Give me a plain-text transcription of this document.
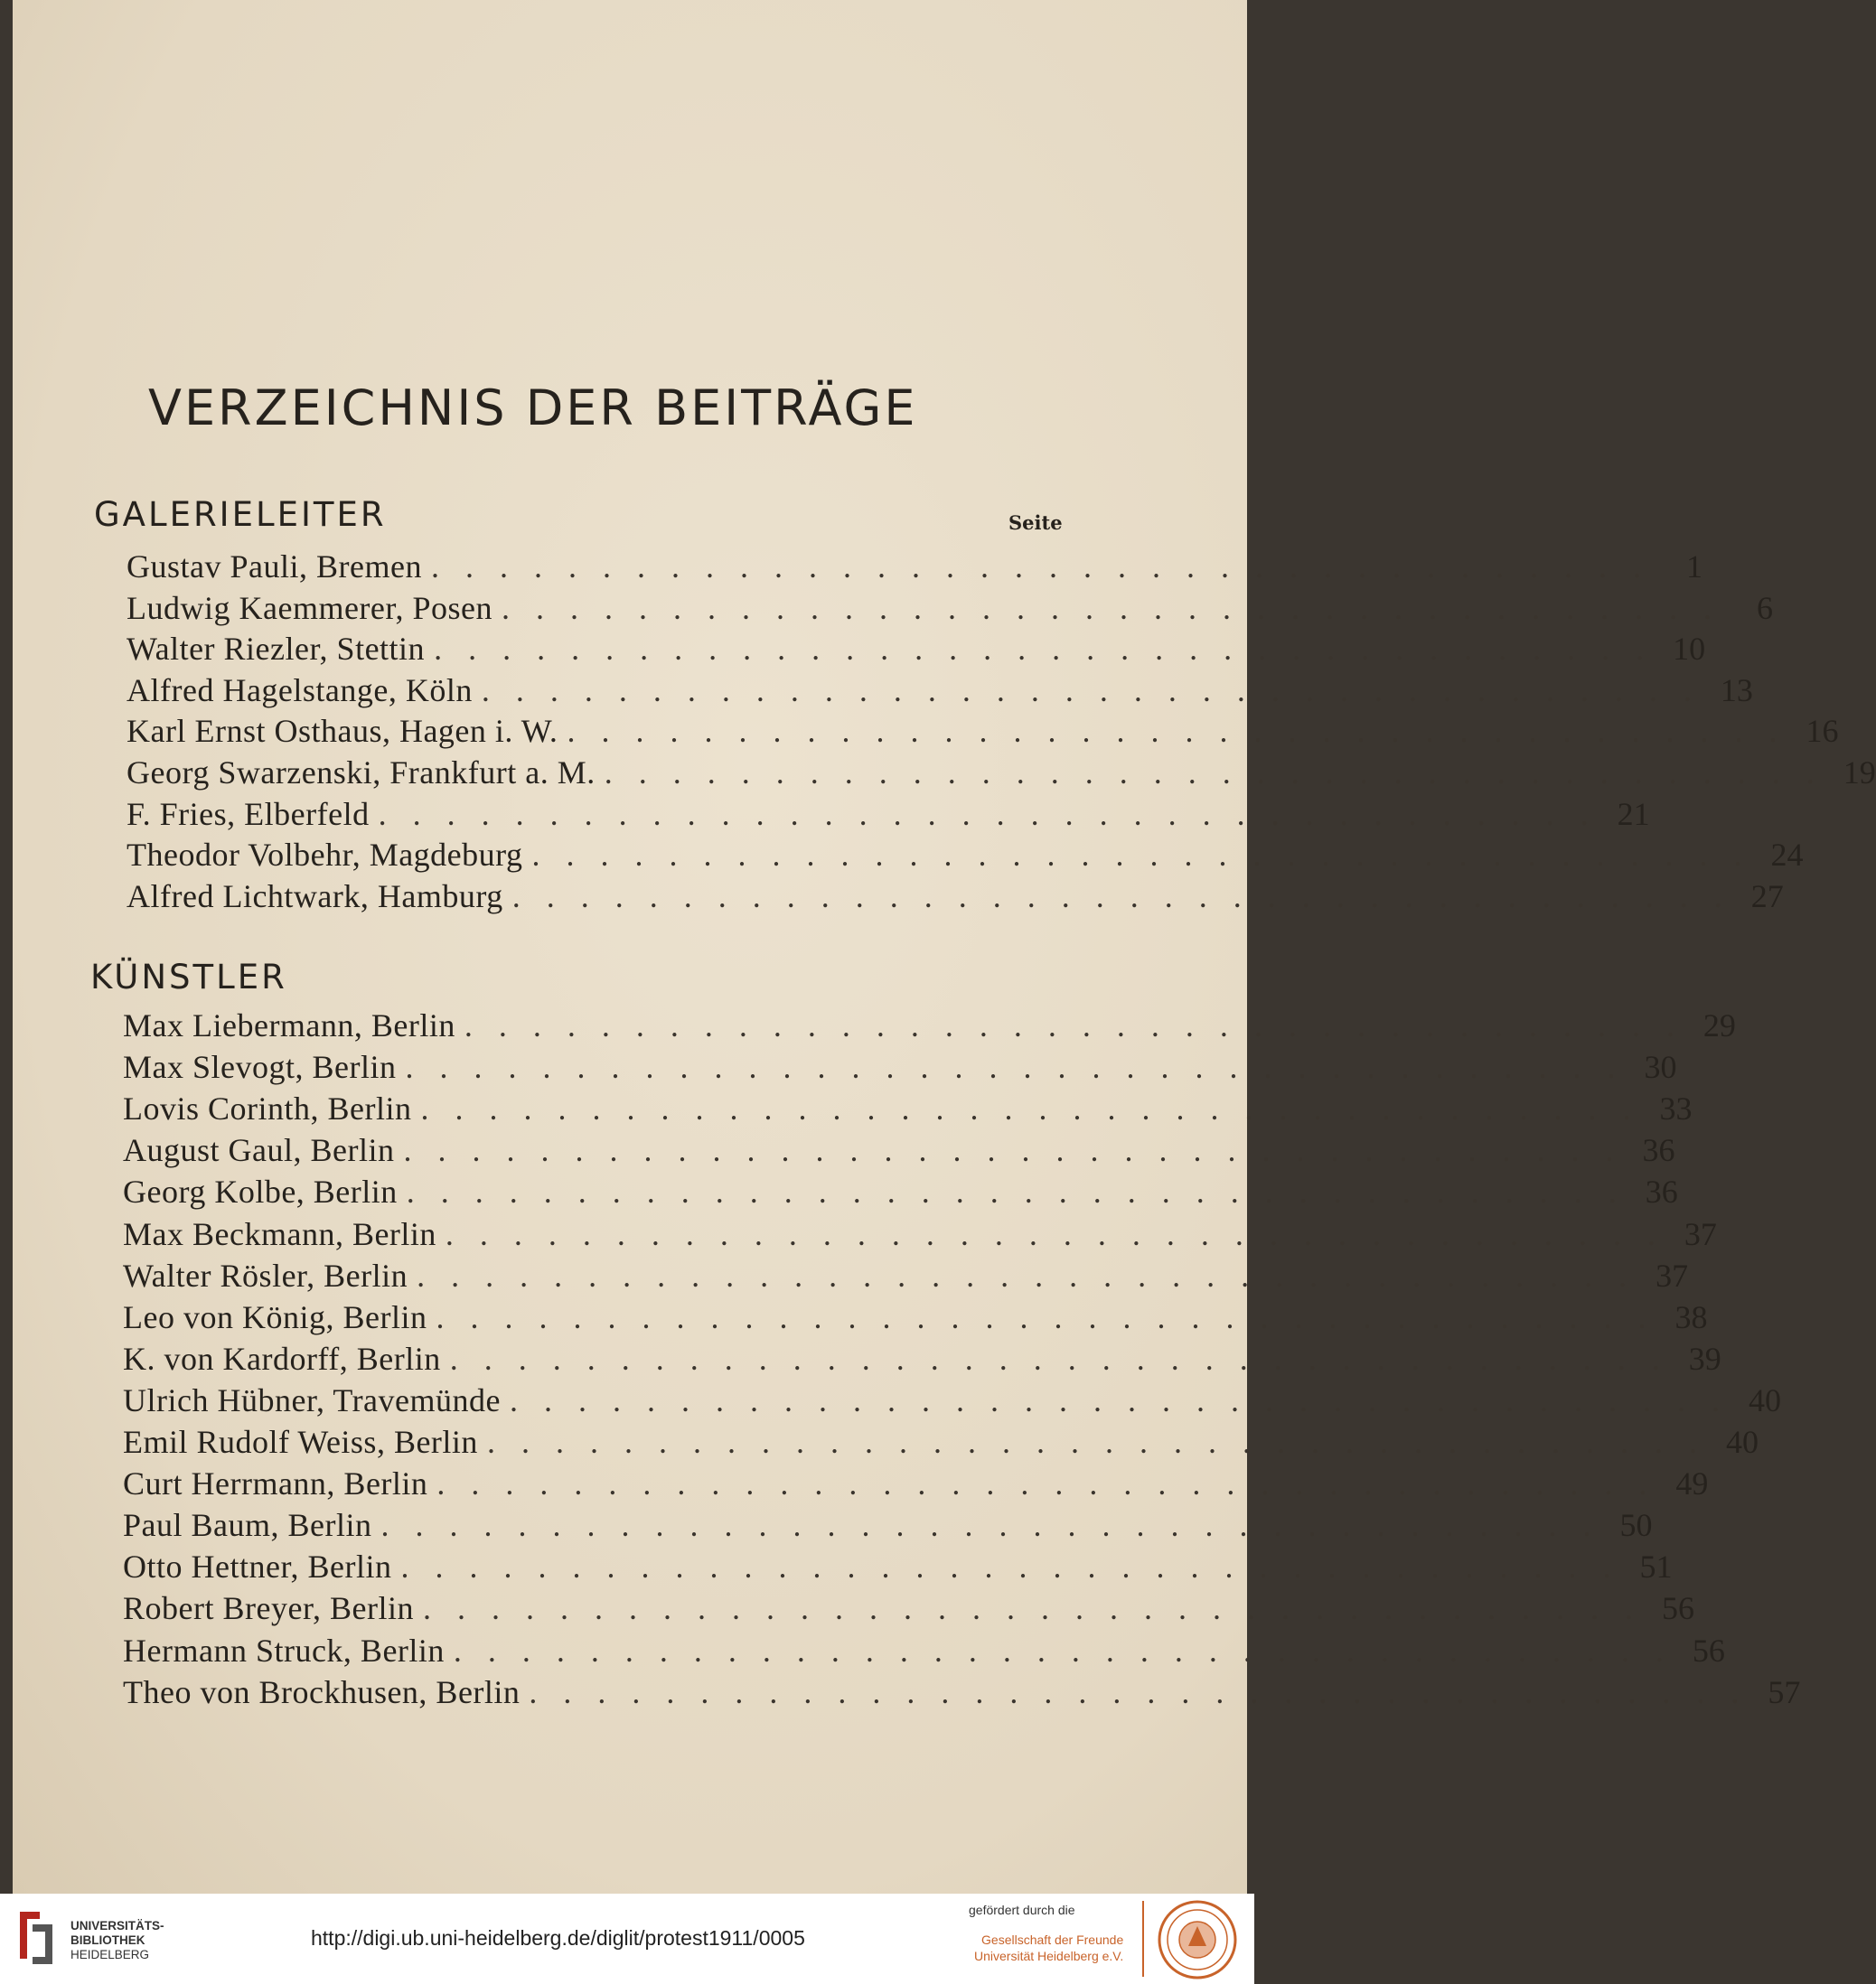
VERZEICHNIS DER BEITRÄGE
GALERIELEITER	Seite
Gustav Pauli, Bremen . . . . . . . . . . . . . . . . . . . . . . . . . . . . . . . . . . . .	1
Ludwig Kaemmerer, Posen . . . . . . . . . . . . . . . . . . . . . . . . . . . . . . . . . . . .	6
Walter Riezler, Stettin . . . . . . . . . . . . . . . . . . . . . . . . . . . . . . . . . . . . 10
Alfred Hagelstange, Köln . . . . . . . . . . . . . . . . . . . . . . . . . . . . . . . . . . . . 13
Karl Ernst Osthaus, Hagen i. W. . . . . . . . . . . . . . . . . . . . . . . . . . . . . . . . . . . . . 16
Georg Swarzenski, Frankfurt a. M. . . . . . . . . . . . . . . . . . . . . . . . . . . . . . . . . . . . . 19
F. Fries, Elberfeld . . . . . . . . . . . . . . . . . . . . . . . . . . . . . . . . . . . . 21
Theodor Volbehr, Magdeburg . . . . . . . . . . . . . . . . . . . . . . . . . . . . . . . . . . . . 24
Alfred Lichtwark, Hamburg . . . . . . . . . . . . . . . . . . . . . . . . . . . . . . . . . . . . 27
KÜNSTLER
Max Liebermann, Berlin . . . . . . . . . . . . . . . . . . . . . . . . . . . . . . . . . . . . 29
Max Slevogt, Berlin . . . . . . . . . . . . . . . . . . . . . . . . . . . . . . . . . . . . 30
Lovis Corinth, Berlin . . . . . . . . . . . . . . . . . . . . . . . . . . . . . . . . . . . . 33
August Gaul, Berlin . . . . . . . . . . . . . . . . . . . . . . . . . . . . . . . . . . . . 36
Georg Kolbe, Berlin . . . . . . . . . . . . . . . . . . . . . . . . . . . . . . . . . . . . 36
Max Beckmann, Berlin . . . . . . . . . . . . . . . . . . . . . . . . . . . . . . . . . . . . 37
Walter Rösler, Berlin . . . . . . . . . . . . . . . . . . . . . . . . . . . . . . . . . . . . 37
Leo von König, Berlin . . . . . . . . . . . . . . . . . . . . . . . . . . . . . . . . . . . . 38
K. von Kardorff, Berlin . . . . . . . . . . . . . . . . . . . . . . . . . . . . . . . . . . . . 39
Ulrich Hübner, Travemünde . . . . . . . . . . . . . . . . . . . . . . . . . . . . . . . . . . . . 40
Emil Rudolf Weiss, Berlin . . . . . . . . . . . . . . . . . . . . . . . . . . . . . . . . . . . . 40
Curt Herrmann, Berlin . . . . . . . . . . . . . . . . . . . . . . . . . . . . . . . . . . . . 49
Paul Baum, Berlin . . . . . . . . . . . . . . . . . . . . . . . . . . . . . . . . . . . . 50
Otto Hettner, Berlin . . . . . . . . . . . . . . . . . . . . . . . . . . . . . . . . . . . . 51
Robert Breyer, Berlin . . . . . . . . . . . . . . . . . . . . . . . . . . . . . . . . . . . . 56
Hermann Struck, Berlin . . . . . . . . . . . . . . . . . . . . . . . . . . . . . . . . . . . . 56
Theo von Brockhusen, Berlin . . . . . . . . . . . . . . . . . . . . . . . . . . . . . . . . . . . . 57
UNIVERSITÄTS-
BIBLIOTHEK
HEIDELBERG
http://digi.ub.uni-heidelberg.de/diglit/protest1911/0005
gefördert durch die
Gesellschaft der Freunde
Universität Heidelberg e.V.
